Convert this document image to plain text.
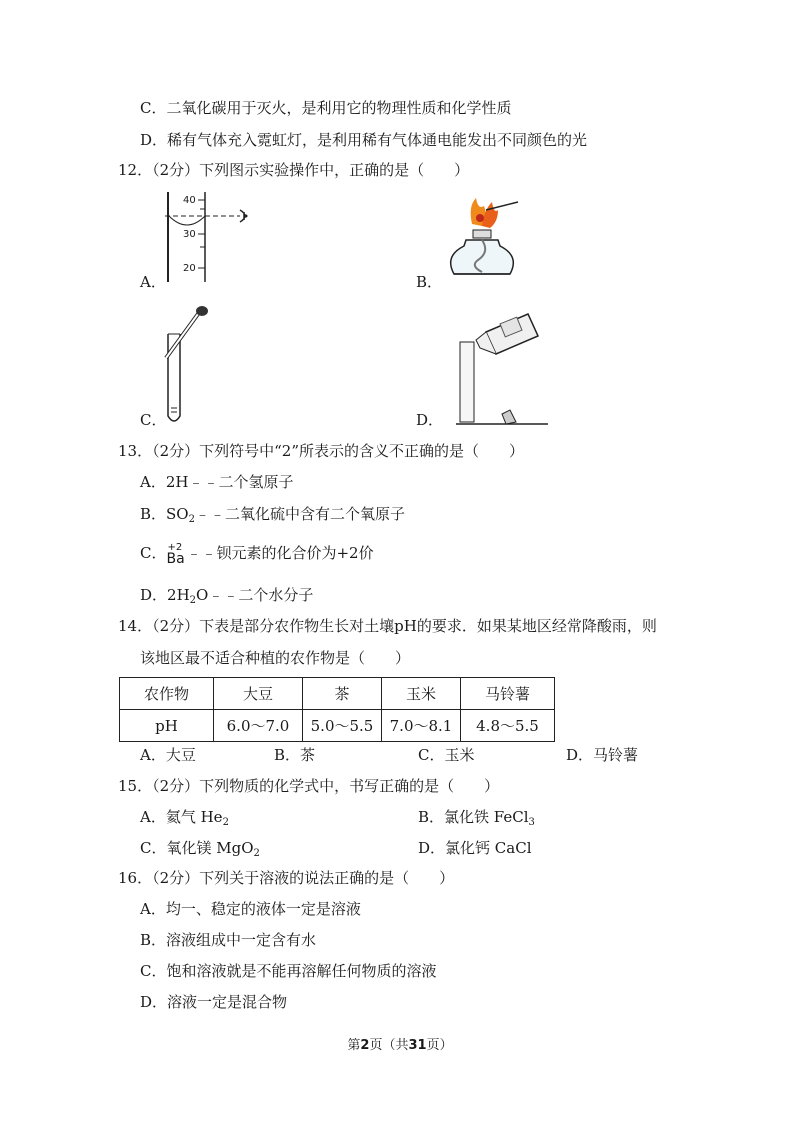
C．二氧化碳用于灭火，是利用它的物理性质和化学性质
D．稀有气体充入霓虹灯，是利用稀有气体通电能发出不同颜色的光
12．（2分）下列图示实验操作中，正确的是（　　）
40
30
20
A．	B．
C．	D．
13．（2分）下列符号中“2”所表示的含义不正确的是（　　）
A．2H﹣﹣二个氢原子
B．$SO_2﹣﹣$二氧化硫中含有二个氧原子
C． +2
Ba ﹣﹣钡元素的化合价为+2价
D．$2H_2O﹣﹣$二个水分子
14．（2分）下表是部分农作物生长对土壤pH的要求．如果某地区经常降酸雨，则
该地区最不适合种植的农作物是（　　）
农作物	大豆	茶	玉米	马铃薯
pH	6.0～7.0	5.0～5.5	7.0～8.1	4.8～5.5
A．大豆	B．茶	C．玉米	D．马铃薯
15．（2分）下列物质的化学式中，书写正确的是（　　）
A．氦气 $He_2$	B．氯化铁 FeCl$_3$
C．氧化镁 MgO$_2$	D．氯化钙 CaCl
16．（2分）下列关于溶液的说法正确的是（　　）
A．均一、稳定的液体一定是溶液
B．溶液组成中一定含有水
C．饱和溶液就是不能再溶解任何物质的溶液
D．溶液一定是混合物
第2页（共31页）
